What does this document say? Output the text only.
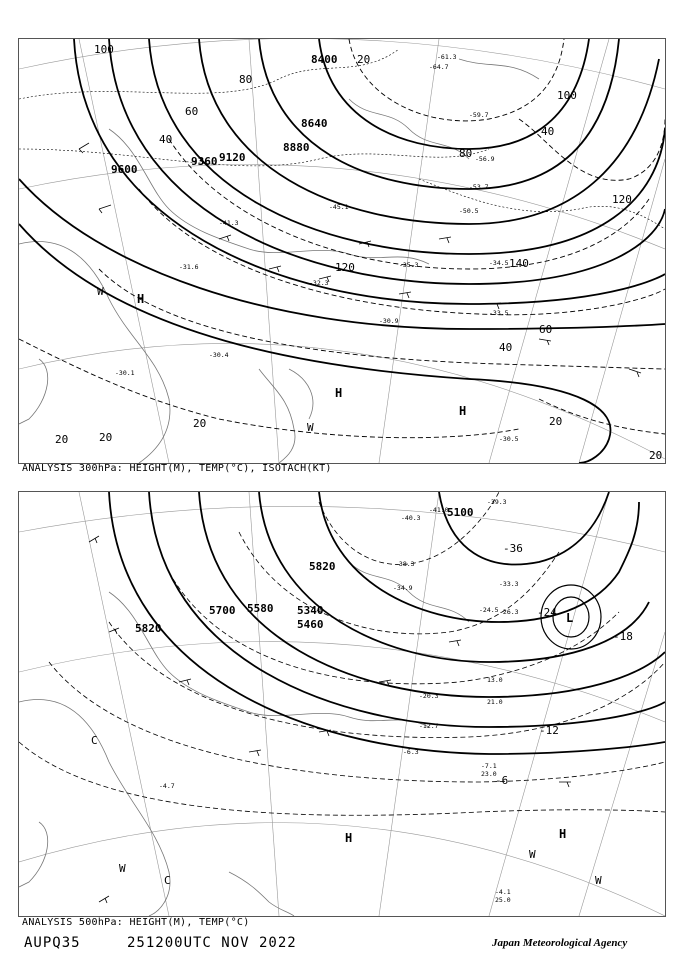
8400
8640
8880
9120
9360
9600
20
20
20
20
20
20
40
40
40
60
60
80
80
100
100
120
120	140
-61.3
-64.7
-59.7
-56.9
-53.7
-50.5
-45.1
-41.3
-35.3	-34.5
-33.5
-32.3
-31.6
-30.9
-30.4
-30.1
-30.5
H
H
H
W
W
ANALYSIS 300hPa: HEIGHT(M), TEMP(°C), ISOTACH(KT)
5100
5340
5460
5580
5700
5820
5820
-36
-24
-18
-12
-6
-41.0
-39.3
-40.3
-38.3
-34.9	-33.3
-26.3
-24.5
-20.3
-12.7
-7.1
-6.3
-4.7
-4.1
13.0
21.0
23.0
25.0
L
H	H
W
W
W
C
C
ANALYSIS 500hPa: HEIGHT(M), TEMP(°C)
AUPQ35	251200UTC NOV 2022	Japan Meteorological Agency
